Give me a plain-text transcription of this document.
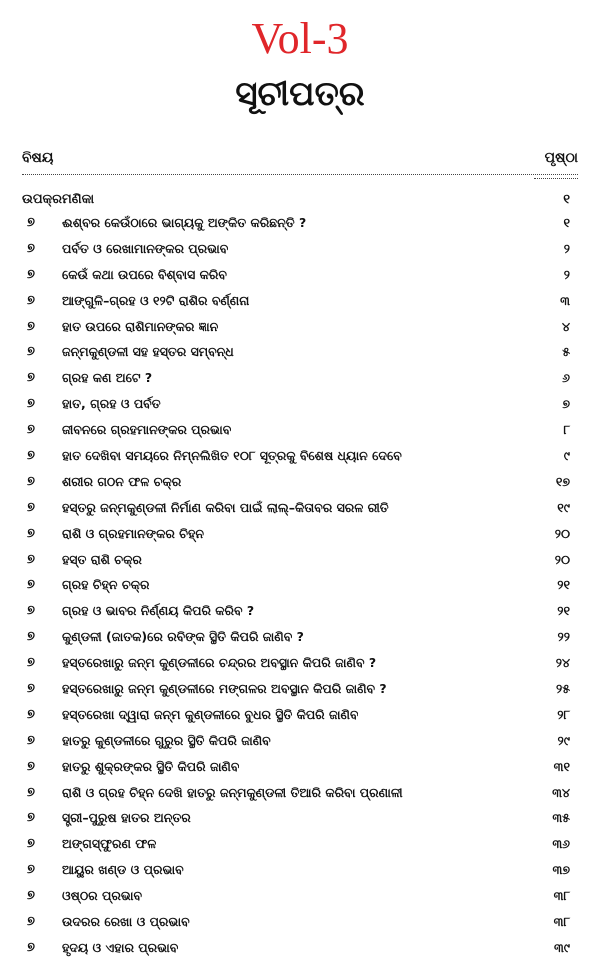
Vol-3
ସୂଚୀପତ୍ର
ବିଷୟ	ପୃଷ୍ଠା
ଉପକ୍ରମଣିକା	୧
୭	ଈଶ୍ବର କେଉଁଠାରେ ଭାଗ୍ୟକୁ ଅଙ୍କିତ କରିଛନ୍ତି ?	୧
୭	ପର୍ବତ ଓ ରେଖାମାନଙ୍କର ପ୍ରଭାବ	୨
୭	କେଉଁ କଥା ଉପରେ ବିଶ୍ବାସ କରିବ	୨
୭	ଆଙ୍ଗୁଳି–ଗ୍ରହ ଓ ୧୨ଟି ରାଶିର ବର୍ଣ୍ଣନା	୩
୭	ହାତ ଉପରେ ରାଶିମାନଙ୍କର ଜ୍ଞାନ	୪
୭	ଜନ୍ମକୁଣ୍ଡଳୀ ସହ ହସ୍ତର ସମ୍ବନ୍ଧ	୫
୭	ଗ୍ରହ କଣ ଅଟେ ?	୬
୭	ହାତ, ଗ୍ରହ ଓ ପର୍ବତ	୭
୭	ଜୀବନରେ ଗ୍ରହମାନଙ୍କର ପ୍ରଭାବ	୮
୭	ହାତ ଦେଖିବା ସମୟରେ ନିମ୍ନଲିଖିତ ୧୦୮ ସୂତ୍ରକୁ ବିଶେଷ ଧ୍ୟାନ ଦେବେ	୯
୭	ଶରୀର ଗଠନ ଫଳ ଚକ୍ର	୧୭
୭	ହସ୍ତରୁ ଜନ୍ମକୁଣ୍ଡଳୀ ନିର୍ମାଣ କରିବା ପାଇଁ ଲାଲ୍–କିତାବର ସରଳ ରୀତି	୧୯
୭	ରାଶି ଓ ଗ୍ରହମାନଙ୍କର ଚିହ୍ନ	୨୦
୭	ହସ୍ତ ରାଶି ଚକ୍ର	୨୦
୭	ଗ୍ରହ ଚିହ୍ନ ଚକ୍ର	୨୧
୭	ଗ୍ରହ ଓ ଭାବର ନିର୍ଣ୍ଣୟ କିପରି କରିବ ?	୨୧
୭	କୁଣ୍ଡଳୀ (ଜାତକ)ରେ ରବିଙ୍କ ସ୍ଥିତି କିପରି ଜାଣିବ ?	୨୨
୭	ହସ୍ତରେଖାରୁ ଜନ୍ମ କୁଣ୍ଡଳୀରେ ଚନ୍ଦ୍ରର ଅବସ୍ଥାନ କିପରି ଜାଣିବ ?	୨୪
୭	ହସ୍ତରେଖାରୁ ଜନ୍ମ କୁଣ୍ଡଳୀରେ ମଙ୍ଗଳର ଅବସ୍ଥାନ କିପରି ଜାଣିବ ?	୨୫
୭	ହସ୍ତରେଖା ଦ୍ୱାରା ଜନ୍ମ କୁଣ୍ଡଳୀରେ ବୁଧର ସ୍ଥିତି କିପରି ଜାଣିବ	୨୮
୭	ହାତରୁ କୁଣ୍ଡଳୀରେ ଗୁରୁର ସ୍ଥିତି କିପରି ଜାଣିବ	୨୯
୭	ହାତରୁ ଶୁକ୍ରଙ୍କର ସ୍ଥିତି କିପରି ଜାଣିବ	୩୧
୭	ରାଶି ଓ ଗ୍ରହ ଚିହ୍ନ ଦେଖି ହାତରୁ ଜନ୍ମକୁଣ୍ଡଳୀ ତିଆରି କରିବା ପ୍ରଣାଳୀ	୩୪
୭	ସ୍ତ୍ରୀ–ପୁରୁଷ ହାତର ଅନ୍ତର	୩୫
୭	ଅଙ୍ଗସ୍ଫୁରଣ ଫଳ	୩୬
୭	ଆୟୁର ଖଣ୍ଡ ଓ ପ୍ରଭାବ	୩୭
୭	ଓଷ୍ଠର ପ୍ରଭାବ	୩୮
୭	ଉଦରର ରେଖା ଓ ପ୍ରଭାବ	୩୮
୭	ହୃଦୟ ଓ ଏହାର ପ୍ରଭାବ	୩୯
